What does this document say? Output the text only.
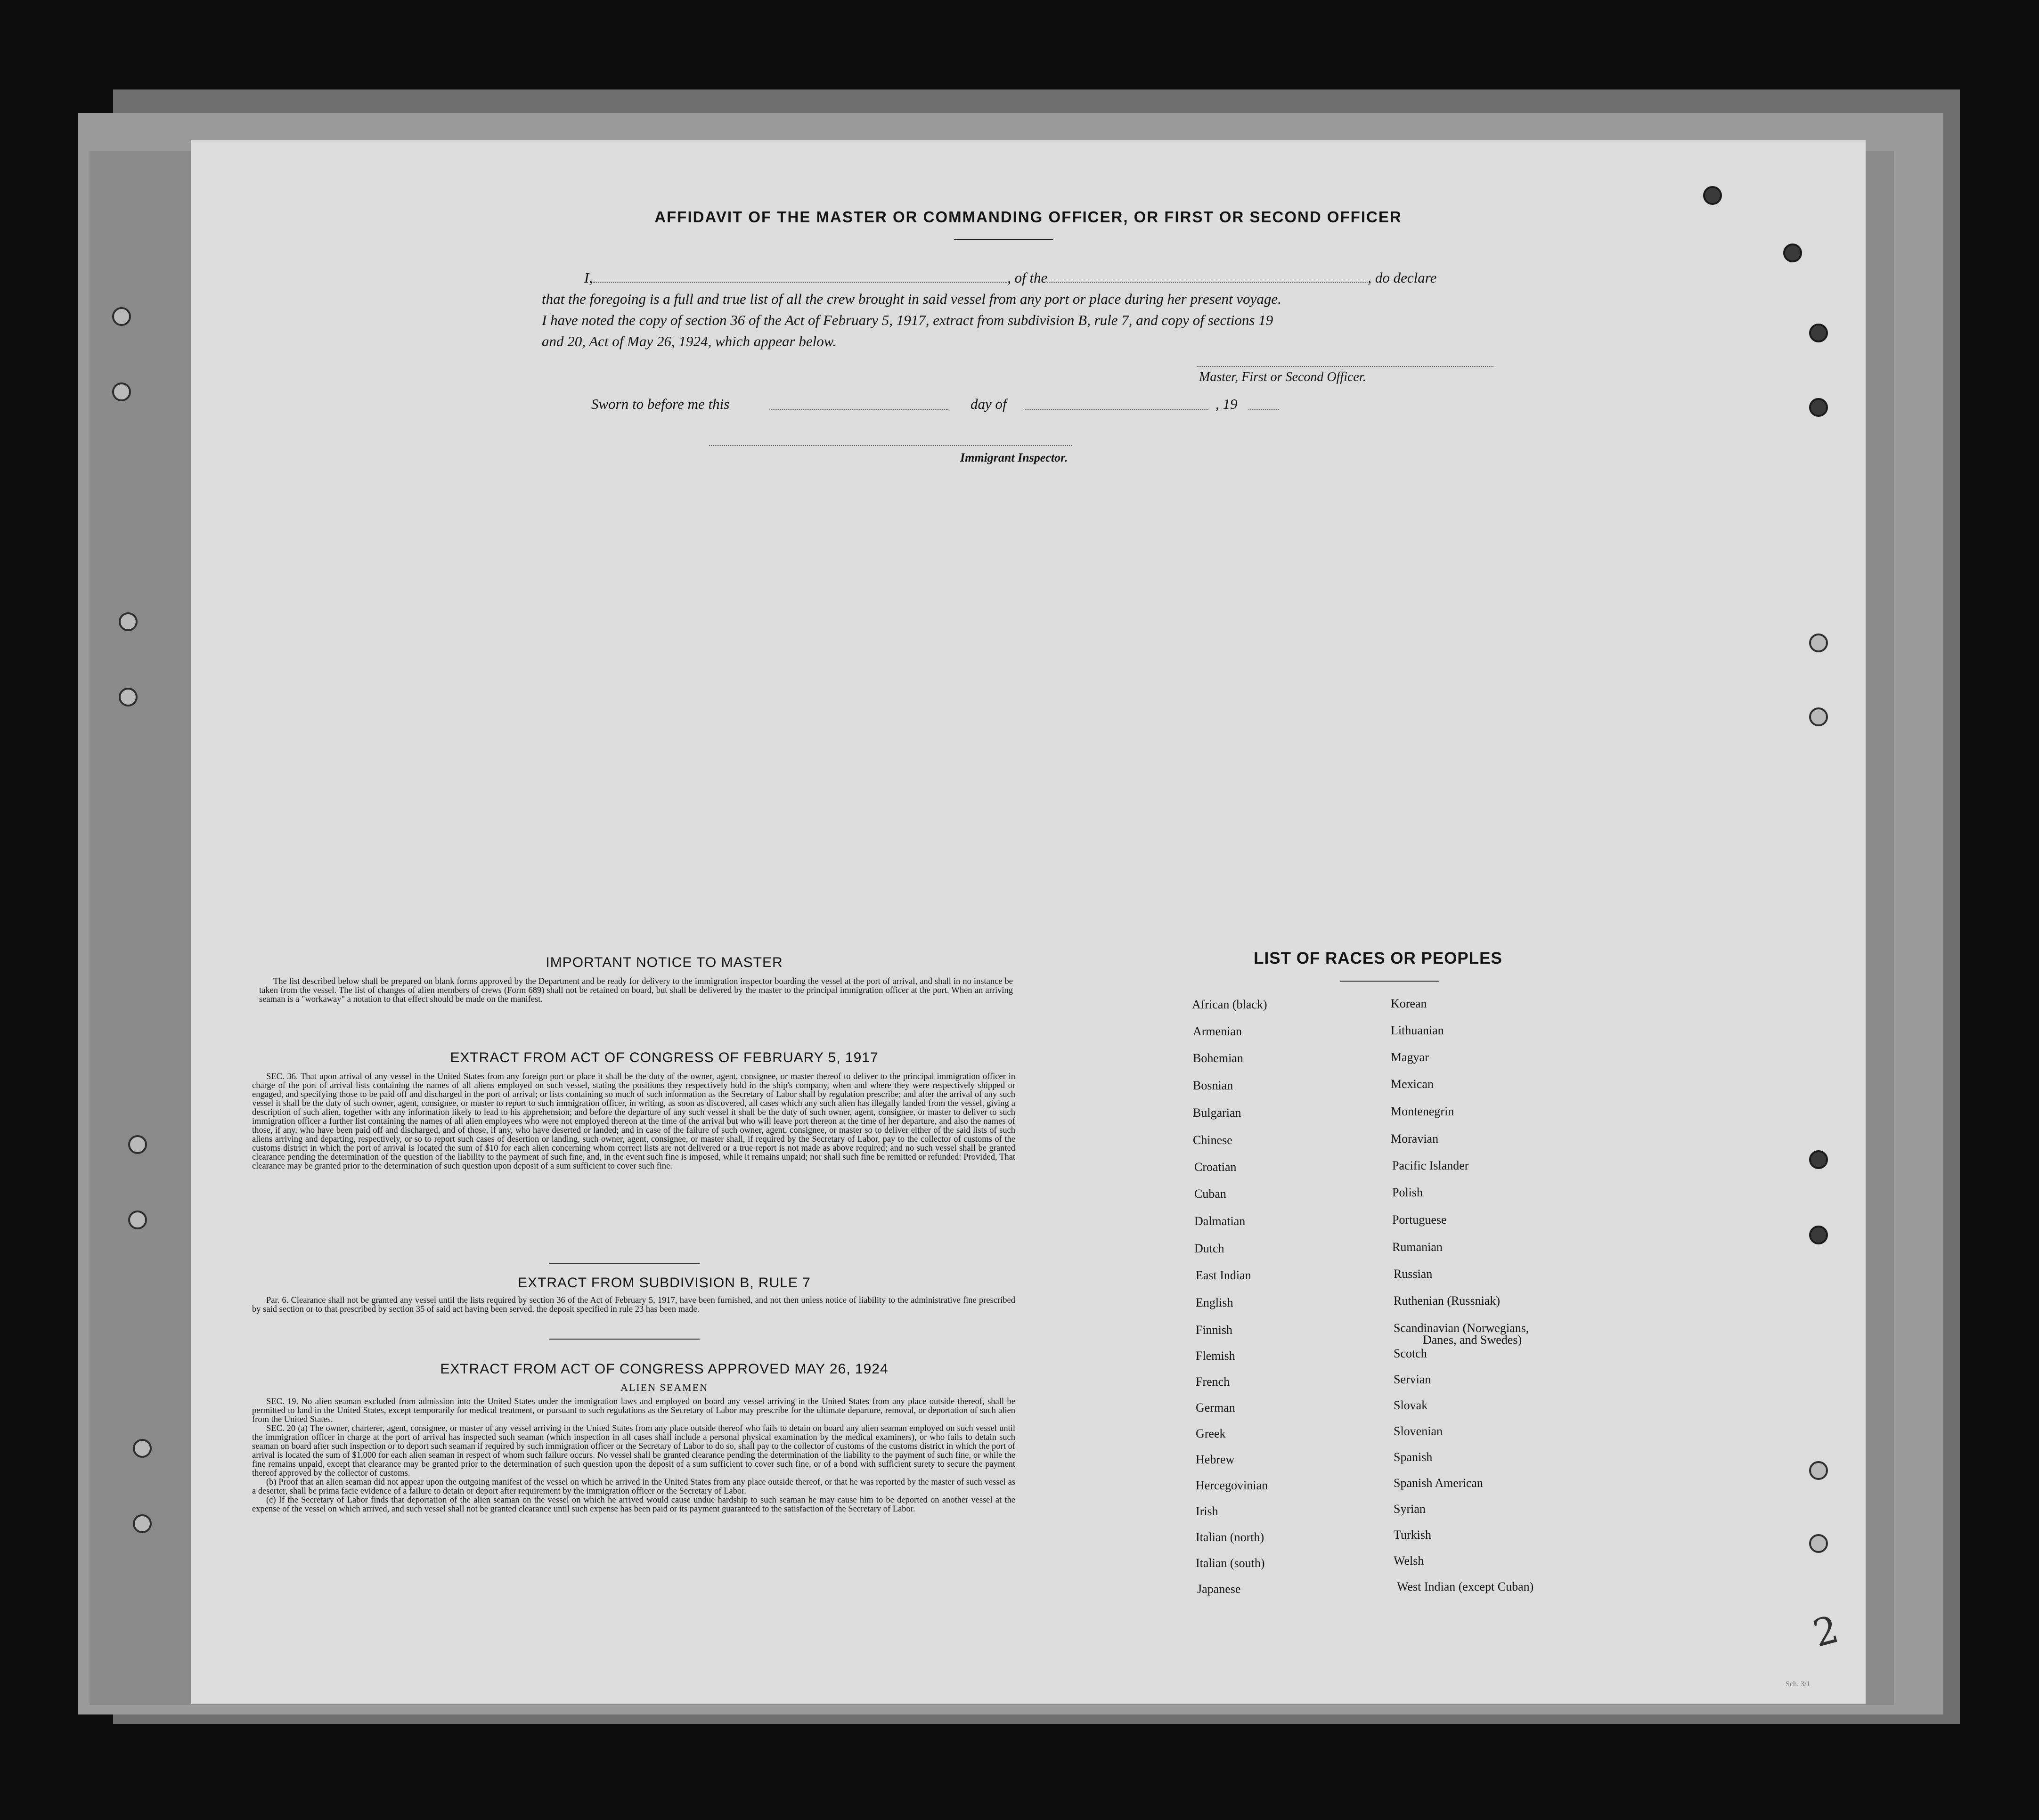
AFFIDAVIT OF THE MASTER OR COMMANDING OFFICER, OR FIRST OR SECOND OFFICER

I,	, of the	, do declare

that the foregoing is a full and true list of all the crew brought in said vessel from any port or place during her present voyage.

I have noted the copy of section 36 of the Act of February 5, 1917, extract from subdivision B, rule 7, and copy of sections 19

and 20, Act of May 26, 1924, which appear below.

Master, First or Second Officer.
Sworn to before me this	day of	, 19
Immigrant Inspector.
IMPORTANT NOTICE TO MASTER
The list described below shall be prepared on blank forms approved by the Department and be ready for delivery to the immigration inspector boarding the vessel at the port of arrival, and shall in no instance be taken from the vessel. The list of changes of alien members of crews (Form 689) shall not be retained on board, but shall be delivered by the master to the principal immigration officer at the port. When an arriving seaman is a "workaway" a notation to that effect should be made on the manifest.
EXTRACT FROM ACT OF CONGRESS OF FEBRUARY 5, 1917
SEC. 36. That upon arrival of any vessel in the United States from any foreign port or place it shall be the duty of the owner, agent, consignee, or master thereof to deliver to the principal immigration officer in charge of the port of arrival lists containing the names of all aliens employed on such vessel, stating the positions they respectively hold in the ship's company, when and where they were respectively shipped or engaged, and specifying those to be paid off and discharged in the port of arrival; or lists containing so much of such information as the Secretary of Labor shall by regulation prescribe; and after the arrival of any such vessel it shall be the duty of such owner, agent, consignee, or master to report to such immigration officer, in writing, as soon as discovered, all cases which any such alien has illegally landed from the vessel, giving a description of such alien, together with any information likely to lead to his apprehension; and before the departure of any such vessel it shall be the duty of such owner, agent, consignee, or master to deliver to such immigration officer a further list containing the names of all alien employees who were not employed thereon at the time of the arrival but who will leave port thereon at the time of her departure, and also the names of those, if any, who have been paid off and discharged, and of those, if any, who have deserted or landed; and in case of the failure of such owner, agent, consignee, or master so to deliver either of the said lists of such aliens arriving and departing, respectively, or so to report such cases of desertion or landing, such owner, agent, consignee, or master shall, if required by the Secretary of Labor, pay to the collector of customs of the customs district in which the port of arrival is located the sum of $10 for each alien concerning whom correct lists are not delivered or a true report is not made as above required; and no such vessel shall be granted clearance pending the determination of the question of the liability to the payment of such fine, and, in the event such fine is imposed, while it remains unpaid; nor shall such fine be remitted or refunded: Provided, That clearance may be granted prior to the determination of such question upon deposit of a sum sufficient to cover such fine.
EXTRACT FROM SUBDIVISION B, RULE 7
Par. 6. Clearance shall not be granted any vessel until the lists required by section 36 of the Act of February 5, 1917, have been furnished, and not then unless notice of liability to the administrative fine prescribed by said section or to that prescribed by section 35 of said act having been served, the deposit specified in rule 23 has been made.
EXTRACT FROM ACT OF CONGRESS APPROVED MAY 26, 1924
ALIEN SEAMEN

SEC. 19. No alien seaman excluded from admission into the United States under the immigration laws and employed on board any vessel arriving in the United States from any place outside thereof, shall be permitted to land in the United States, except temporarily for medical treatment, or pursuant to such regulations as the Secretary of Labor may prescribe for the ultimate departure, removal, or deportation of such alien from the United States.

SEC. 20 (a) The owner, charterer, agent, consignee, or master of any vessel arriving in the United States from any place outside thereof who fails to detain on board any alien seaman employed on such vessel until the immigration officer in charge at the port of arrival has inspected such seaman (which inspection in all cases shall include a personal physical examination by the medical examiners), or who fails to detain such seaman on board after such inspection or to deport such seaman if required by such immigration officer or the Secretary of Labor to do so, shall pay to the collector of customs of the customs district in which the port of arrival is located the sum of $1,000 for each alien seaman in respect of whom such failure occurs. No vessel shall be granted clearance pending the determination of the liability to the payment of such fine, or while the fine remains unpaid, except that clearance may be granted prior to the determination of such question upon the deposit of a sum sufficient to cover such fine, or of a bond with sufficient surety to secure the payment thereof approved by the collector of customs.

(b) Proof that an alien seaman did not appear upon the outgoing manifest of the vessel on which he arrived in the United States from any place outside thereof, or that he was reported by the master of such vessel as a deserter, shall be prima facie evidence of a failure to detain or deport after requirement by the immigration officer or the Secretary of Labor.

(c) If the Secretary of Labor finds that deportation of the alien seaman on the vessel on which he arrived would cause undue hardship to such seaman he may cause him to be deported on another vessel at the expense of the vessel on which arrived, and such vessel shall not be granted clearance until such expense has been paid or its payment guaranteed to the satisfaction of the Secretary of Labor.

LIST OF RACES OR PEOPLES
African (black)
Armenian
Bohemian
Bosnian
Bulgarian
Chinese
Croatian
Cuban
Dalmatian
Dutch
East Indian
English
Finnish
Flemish
French
German
Greek
Hebrew
Hercegovinian
Irish
Italian (north)
Italian (south)
Japanese
Korean
Lithuanian
Magyar
Mexican
Montenegrin
Moravian
Pacific Islander
Polish
Portuguese
Rumanian
Russian
Ruthenian (Russniak)
Scandinavian (Norwegians,
Danes, and Swedes)
Scotch
Servian
Slovak
Slovenian
Spanish
Spanish American
Syrian
Turkish
Welsh
West Indian (except Cuban)
2
Sch. 3/1
